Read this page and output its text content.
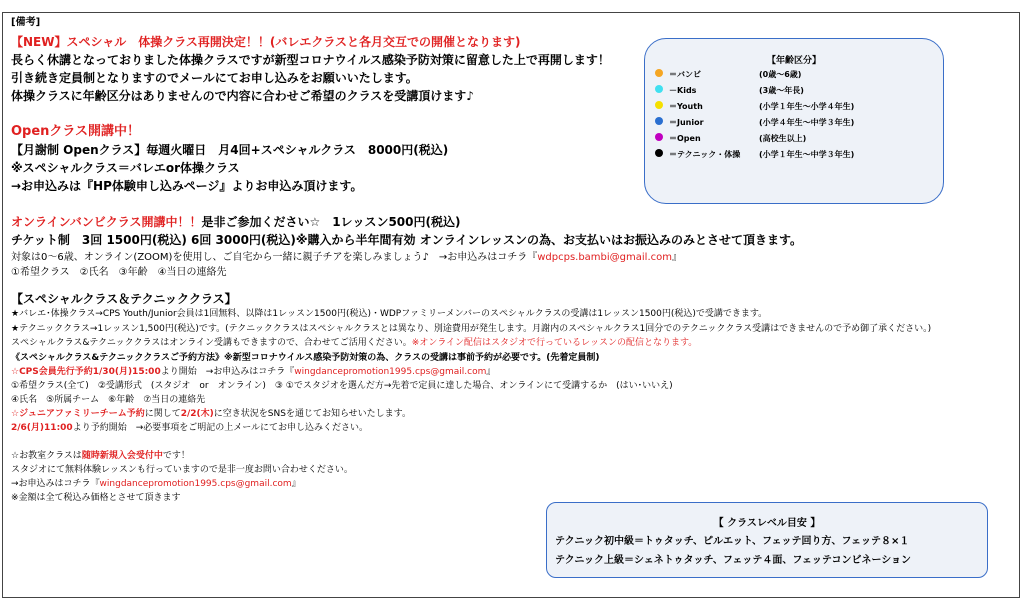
[備考]
【NEW】スペシャル　体操クラス再開決定！！(バレエクラスと各月交互での開催となります)
長らく休講となっておりました体操クラスですが新型コロナウイルス感染予防対策に留意した上で再開します！
引き続き定員制となりますのでメールにてお申し込みをお願いいたします。
体操クラスに年齢区分はありませんので内容に合わせご希望のクラスを受講頂けます♪
Openクラス開講中！
【月謝制 Openクラス】毎週火曜日　月4回+スペシャルクラス　8000円(税込)
※スペシャルクラス＝バレエor体操クラス
→お申込みは『HP体験申し込みページ』よりお申込み頂けます。
オンラインバンビクラス開講中！！是非ご参加ください☆　1レッスン500円(税込)
チケット制　3回 1500円(税込) 6回 3000円(税込)※購入から半年間有効 オンラインレッスンの為、お支払いはお振込みのみとさせて頂きます。
対象は0～6歳、オンライン(ZOOM)を使用し、ご自宅から一緒に親子チアを楽しみましょう♪　→お申込みはコチラ『wdpcps.bambi@gmail.com』
①希望クラス　②氏名　③年齢　④当日の連絡先
【スペシャルクラス＆テクニッククラス】
★バレエ･体操クラス→CPS Youth/Junior会員は1回無料、以降は1レッスン1500円(税込)・WDPファミリーメンバーのスペシャルクラスの受講は1レッスン1500円(税込)で受講できます。
★テクニッククラス→1レッスン1,500円(税込)です。(テクニッククラスはスペシャルクラスとは異なり、別途費用が発生します。月謝内のスペシャルクラス1回分でのテクニッククラス受講はできませんので予め御了承ください。)
スペシャルクラス&テクニッククラスはオンライン受講もできますので、合わせてご活用ください。※オンライン配信はスタジオで行っているレッスンの配信となります。
《スペシャルクラス&テクニッククラスご予約方法》※新型コロナウイルス感染予防対策の為、クラスの受講は事前予約が必要です。(先着定員制)
☆CPS会員先行予約1/30(月)15:00より開始　→お申込みはコチラ『wingdancepromotion1995.cps@gmail.com』
①希望クラス(全て)　②受講形式　(スタジオ　or　オンライン)　③ ①でスタジオを選んだ方→先着で定員に達した場合、オンラインにて受講するか　(はい･いいえ)
④氏名　⑤所属チーム　⑥年齢　⑦当日の連絡先
☆ジュニアファミリーチーム予約に関して2/2(木)に空き状況をSNSを通じてお知らせいたします。
2/6(月)11:00より予約開始　→必要事項をご明記の上メールにてお申し込みください。
☆お教室クラスは随時新規入会受付中です！
スタジオにて無料体験レッスンも行っていますので是非一度お問い合わせください。
→お申込みはコチラ『wingdancepromotion1995.cps@gmail.com』
※金額は全て税込み価格とさせて頂きます
【年齢区分】
＝バンビ	(0歳～6歳)
－Kids	(3歳～年長)
＝Youth	(小学１年生～小学４年生)
＝Junior	(小学４年生～中学３年生)
＝Open	(高校生以上)
＝テクニック・体操 (小学１年生～中学３年生)
【 クラスレベル目安 】
テクニック初中級＝トゥタッチ、ピルエット、フェッテ回り方、フェッテ８×１
テクニック上級＝シェネトゥタッチ、フェッテ４面、フェッテコンビネーション
